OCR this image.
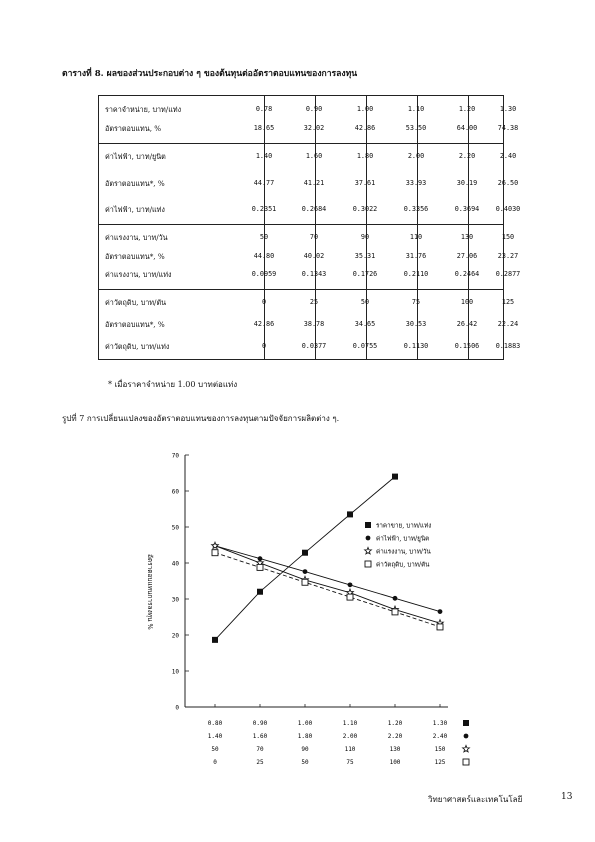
ตารางที่ 8. ผลของส่วนประกอบต่าง ๆ ของต้นทุนต่ออัตราตอบแทนของการลงทุน
ราคาจำหน่าย, บาท/แท่ง	0.78	0.90	1.00	1.10	1.20	1.30
อัตราตอบแทน, %	18.65	32.02	42.86	53.50	64.00	74.38
ค่าไฟฟ้า, บาท/ยูนิต	1.40	1.60	1.80	2.00	2.20	2.40
อัตราตอบแทน*, %	44.77	41.21	37.61	33.93	30.19	26.50
ค่าไฟฟ้า, บาท/แท่ง	0.2351	0.2684	0.3022	0.3356	0.3694	0.4030
ค่าแรงงาน, บาท/วัน	50	70	90	110	130	150
อัตราตอบแทน*, %	44.80	40.02	35.31	31.76	27.06	23.27
ค่าแรงงาน, บาท/แท่ง	0.0959	0.1343	0.1726	0.2110	0.2464	0.2877
ค่าวัตถุดิบ, บาท/ตัน	0	25	50	75	100	125
อัตราตอบแทน*, %	42.86	38.78	34.65	30.53	26.42	22.24
ค่าวัตถุดิบ, บาท/แท่ง	0	0.0377	0.0755	0.1130	0.1506	0.1883
* เมื่อราคาจำหน่าย 1.00 บาทต่อแท่ง
รูปที่ 7 การเปลี่ยนแปลงของอัตราตอบแทนของการลงทุนตามปัจจัยการผลิตต่าง ๆ.
0
10
20
30
40
50
60
70
อัตราตอบแทนการลงทุน %
0.80	0.90	1.00	1.10	1.20	1.30
1.40	1.60	1.80	2.00	2.20	2.40
50	70	90	110	130	150
0	25	50	75	100	125
ราคาขาย, บาท/แท่ง
ค่าไฟฟ้า, บาท/ยูนิต
ค่าแรงงาน, บาท/วัน
ค่าวัตถุดิบ, บาท/ตัน
วิทยาศาสตร์และเทคโนโลยี	13
